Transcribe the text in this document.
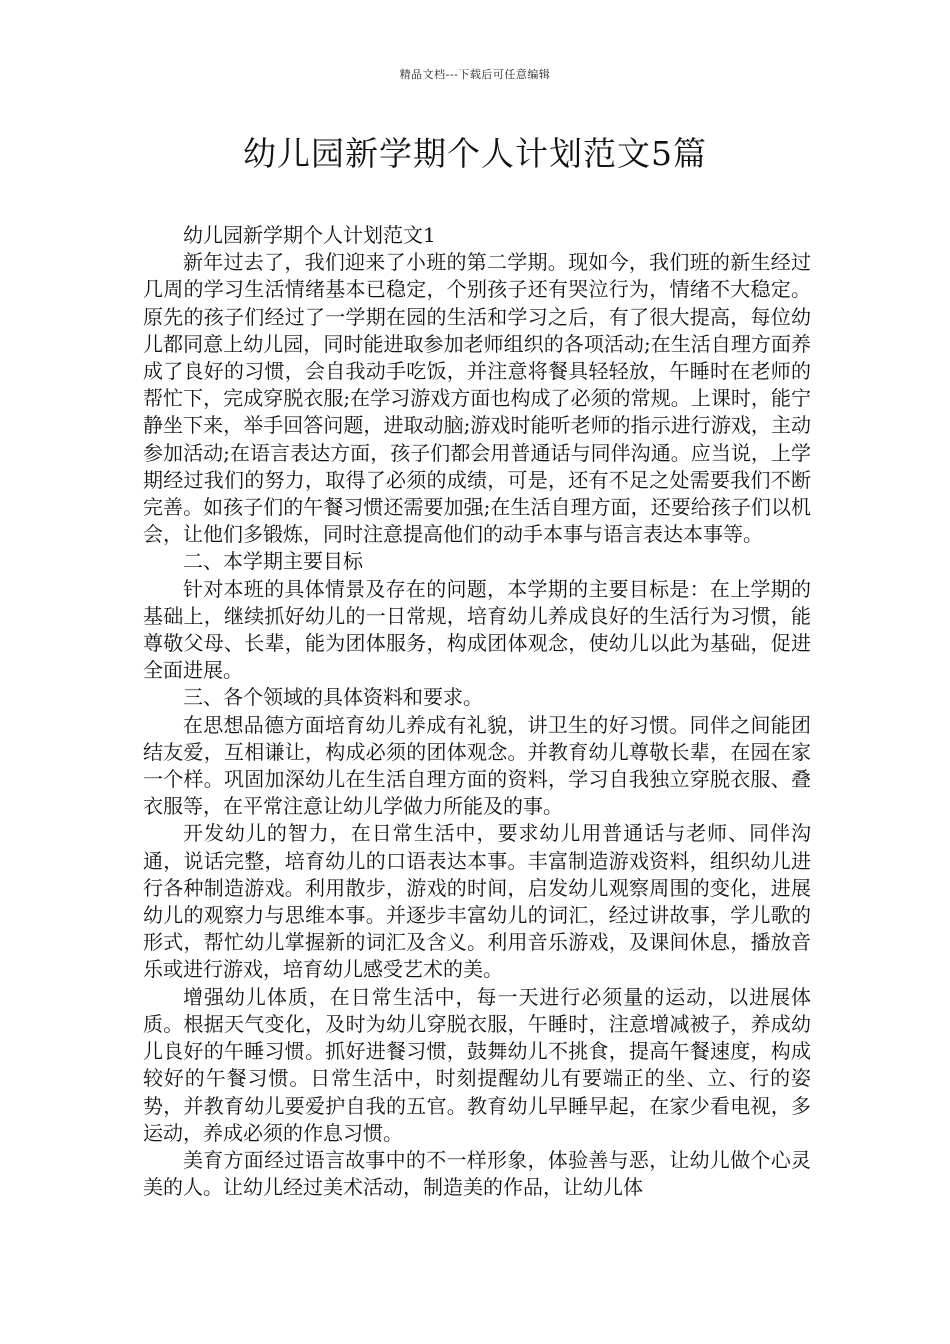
精品文档---下载后可任意编辑
幼儿园新学期个人计划范文5篇

幼儿园新学期个人计划范文1

新年过去了，我们迎来了小班的第二学期。现如今，我们班的新生经过几周的学习生活情绪基本已稳定，个别孩子还有哭泣行为，情绪不大稳定。原先的孩子们经过了一学期在园的生活和学习之后，有了很大提高，每位幼儿都同意上幼儿园，同时能进取参加老师组织的各项活动;在生活自理方面养成了良好的习惯，会自我动手吃饭，并注意将餐具轻轻放，午睡时在老师的帮忙下，完成穿脱衣服;在学习游戏方面也构成了必须的常规。上课时，能宁静坐下来，举手回答问题，进取动脑;游戏时能听老师的指示进行游戏，主动参加活动;在语言表达方面，孩子们都会用普通话与同伴沟通。应当说，上学期经过我们的努力，取得了必须的成绩，可是，还有不足之处需要我们不断完善。如孩子们的午餐习惯还需要加强;在生活自理方面，还要给孩子们以机会，让他们多锻炼，同时注意提高他们的动手本事与语言表达本事等。

二、本学期主要目标

针对本班的具体情景及存在的问题，本学期的主要目标是：在上学期的基础上，继续抓好幼儿的一日常规，培育幼儿养成良好的生活行为习惯，能尊敬父母、长辈，能为团体服务，构成团体观念，使幼儿以此为基础，促进全面进展。

三、各个领域的具体资料和要求。

在思想品德方面培育幼儿养成有礼貌，讲卫生的好习惯。同伴之间能团结友爱，互相谦让，构成必须的团体观念。并教育幼儿尊敬长辈，在园在家一个样。巩固加深幼儿在生活自理方面的资料，学习自我独立穿脱衣服、叠衣服等，在平常注意让幼儿学做力所能及的事。

开发幼儿的智力，在日常生活中，要求幼儿用普通话与老师、同伴沟通，说话完整，培育幼儿的口语表达本事。丰富制造游戏资料，组织幼儿进行各种制造游戏。利用散步，游戏的时间，启发幼儿观察周围的变化，进展幼儿的观察力与思维本事。并逐步丰富幼儿的词汇，经过讲故事，学儿歌的形式，帮忙幼儿掌握新的词汇及含义。利用音乐游戏，及课间休息，播放音乐或进行游戏，培育幼儿感受艺术的美。

增强幼儿体质，在日常生活中，每一天进行必须量的运动，以进展体质。根据天气变化，及时为幼儿穿脱衣服，午睡时，注意增减被子，养成幼儿良好的午睡习惯。抓好进餐习惯，鼓舞幼儿不挑食，提高午餐速度，构成较好的午餐习惯。日常生活中，时刻提醒幼儿有要端正的坐、立、行的姿势，并教育幼儿要爱护自我的五官。教育幼儿早睡早起，在家少看电视，多运动，养成必须的作息习惯。

美育方面经过语言故事中的不一样形象，体验善与恶，让幼儿做个心灵美的人。让幼儿经过美术活动，制造美的作品，让幼儿体
